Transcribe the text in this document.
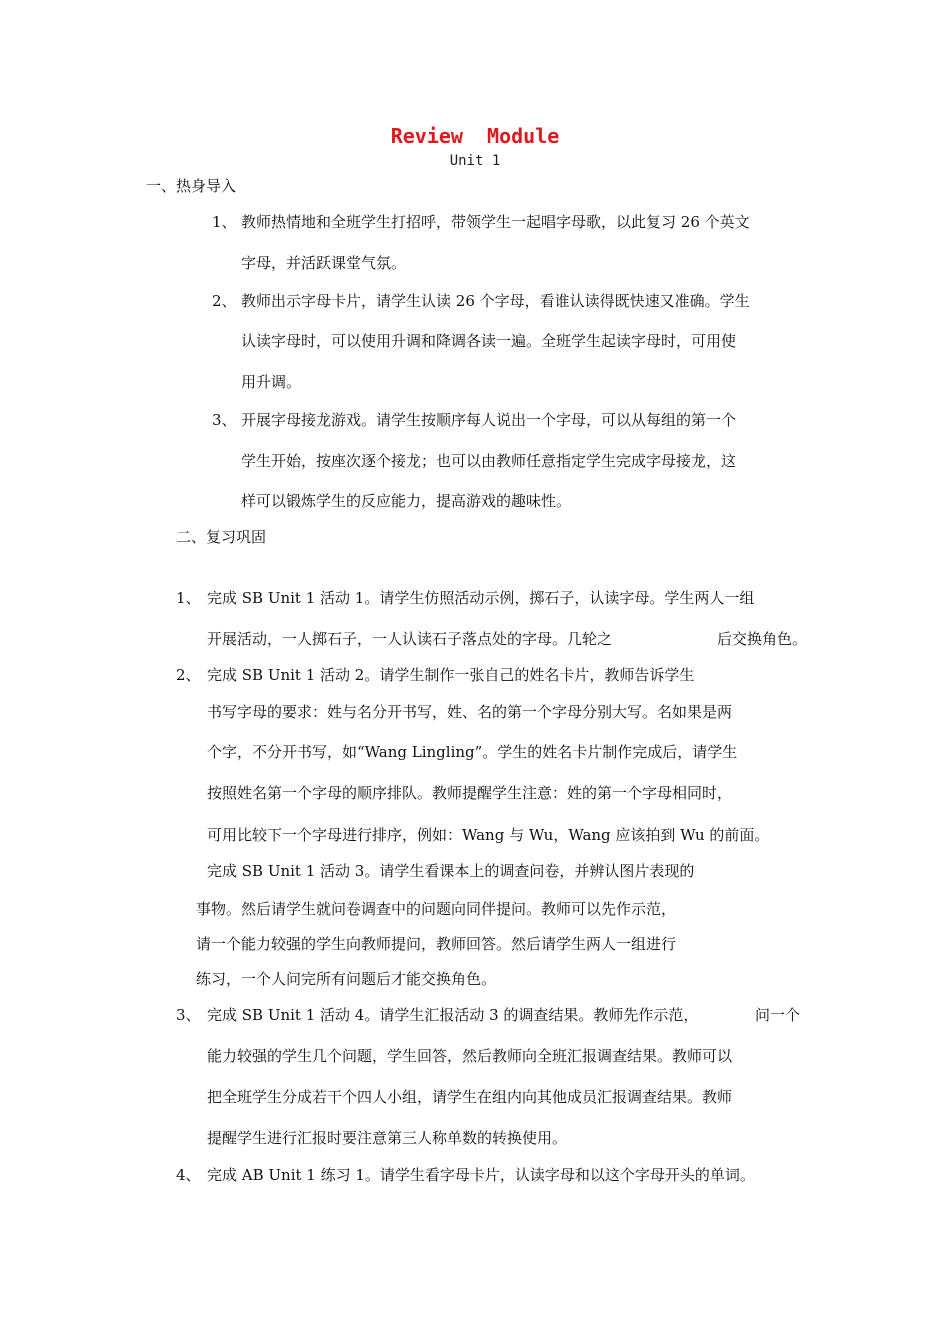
Review  Module
Unit 1
一、热身导入
1、 教师热情地和全班学生打招呼，带领学生一起唱字母歌，以此复习 26 个英文
字母，并活跃课堂气氛。
2、 教师出示字母卡片，请学生认读 26 个字母，看谁认读得既快速又准确。学生
认读字母时，可以使用升调和降调各读一遍。全班学生起读字母时，可用使
用升调。
3、 开展字母接龙游戏。请学生按顺序每人说出一个字母，可以从每组的第一个
学生开始，按座次逐个接龙；也可以由教师任意指定学生完成字母接龙，这
样可以锻炼学生的反应能力，提高游戏的趣味性。
二、复习巩固
1、 完成 SB Unit 1 活动 1。请学生仿照活动示例，掷石子，认读字母。学生两人一组
开展活动，一人掷石子，一人认读石子落点处的字母。几轮之	后交换角色。
2、 完成 SB Unit 1 活动 2。请学生制作一张自己的姓名卡片，教师告诉学生
书写字母的要求：姓与名分开书写，姓、名的第一个字母分别大写。名如果是两
个字，不分开书写，如“Wang Lingling”。学生的姓名卡片制作完成后，请学生
按照姓名第一个字母的顺序排队。教师提醒学生注意：姓的第一个字母相同时，
可用比较下一个字母进行排序，例如：Wang 与 Wu，Wang 应该拍到 Wu 的前面。
完成 SB Unit 1 活动 3。请学生看课本上的调查问卷，并辨认图片表现的
事物。然后请学生就问卷调查中的问题向同伴提问。教师可以先作示范，
请一个能力较强的学生向教师提问，教师回答。然后请学生两人一组进行
练习，一个人问完所有问题后才能交换角色。
3、 完成 SB Unit 1 活动 4。请学生汇报活动 3 的调查结果。教师先作示范，	问一个
能力较强的学生几个问题，学生回答，然后教师向全班汇报调查结果。教师可以
把全班学生分成若干个四人小组，请学生在组内向其他成员汇报调查结果。教师
提醒学生进行汇报时要注意第三人称单数的转换使用。
4、 完成 AB Unit 1 练习 1。请学生看字母卡片，认读字母和以这个字母开头的单词。
